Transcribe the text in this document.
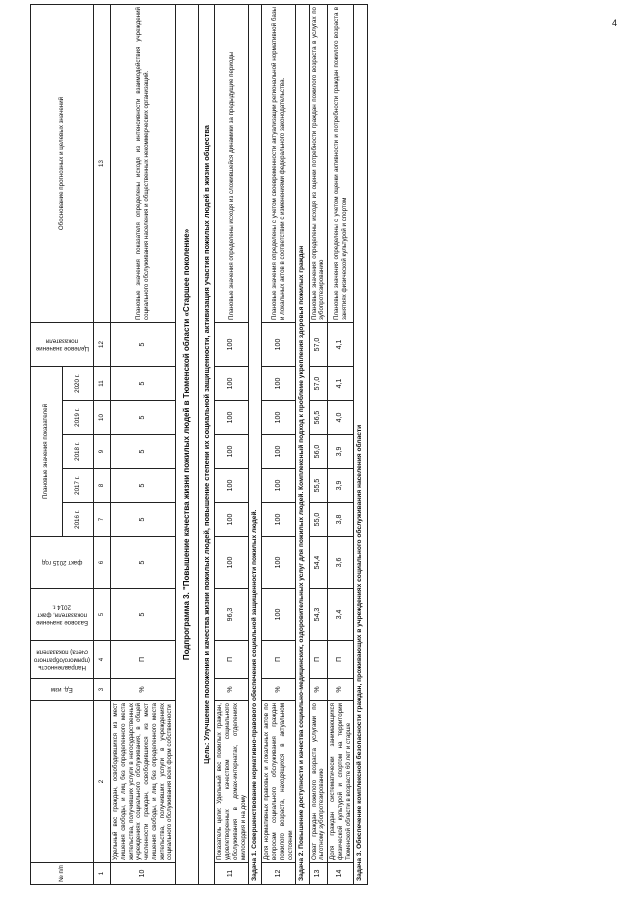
4
№ п/п		Ед. изм	Направленность (прямого/обратного счета) показателя	Базовое значение показателя, факт 2014 г.	факт 2015 год	Плановые значения показателей					Целевое значение показателя	Обоснование прогнозных и целевых значений
						2016 г.	2017 г.	2018 г.	2019 г.	2020 г.		
1	2	3	4	5	6	7	8	9	10	11	12	13
10	Удельный вес граждан, освободившихся из мест лишения свободы, и лиц без определенного места жительства, получивших услуги в негосударственных учреждениях социального обслуживания, в общей численности граждан, освободившихся из мест лишения свободы, и лиц без определенного места жительства, получивших услуги в учреждениях социального обслуживания всех форм собственности	%	П	5	5	5	5	5	5	5	5	Плановые значения показателя определены исходя из интенсивности взаимодействия учреждений социального обслуживания населения и общественных некоммерческих организаций.
Подпрограмма 3. "Повышение качества жизни пожилых людей в Тюменской области «Старшее поколение»												
Цель: Улучшение положения и качества жизни пожилых людей, повышение степени их социальной защищенности, активизация участия пожилых людей в жизни общества												
11	Показатель цели: Удельный вес пожилых граждан, удовлетворенных качеством социального обслуживания в домах-интернатах, отделениях милосердия и на дому	%	П	96,3	100	100	100	100	100	100	100	Плановые значения определены исходя из сложившейся динамики за предыдущие периоды
Задача 1. Совершенствование нормативно-правового обеспечения социальной защищенности пожилых людей.												
12	Доля нормативных правовых и локальных актов по вопросам социального обслуживания граждан пожилого возраста, находящихся в актуальном состоянии	%	П	100	100	100	100	100	100	100	100	Плановые значения определены с учетом своевременности актуализации региональной нормативной базы и локальных актов в соответствии с изменениями федерального законодательства.
Задача 2. Повышение доступности и качества социально-медицинских, оздоровительных услуг для пожилых людей. Комплексный подход к проблеме укрепления здоровья пожилых граждан												
13	Охват граждан пожилого возраста услугами по льготному зубопротезированию	%	П	54,3	54,4	55,0	55,5	56,0	56,5	57,0	57,0	Плановые значения определены исходя из оценки потребности граждан пожилого возраста в услугах по зубопротезированию
14	Доля граждан систематически занимающихся физической культурой и спортом на территории Тюменской области в возрасте 60 лет и старше	%	П	3,4	3,6	3,8	3,9	3,9	4,0	4,1	4,1	Плановые значения определены с учетом оценки активности и потребности граждан пожилого возраста в занятиях физической культурой и спортом
Задача 3. Обеспечение комплексной безопасности граждан, проживающих в учреждениях социального обслуживания населения области												
